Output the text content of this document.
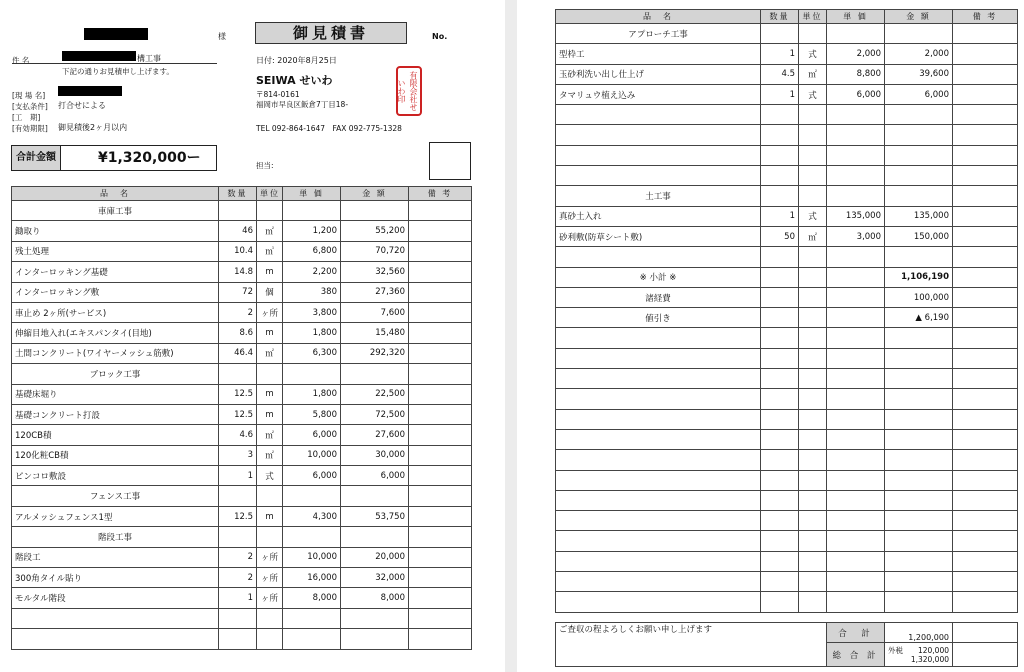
様	御見積書	No.
件 名	構工事
下記の通りお見積申し上げます。
[現 場 名]
[支払条件] 打合せによる
[工　期]
[有効期限] 御見積後2ヶ月以内
日付: 2020年8月25日
SEIWA せいわ
〒814-0161
福岡市早良区飯倉7丁目18-
TEL 092-864-1647　FAX 092-775-1328
有限会社せいわ印
合計金額	¥1,320,000ー	担当:
品　名	数量	単位	単 価	金 額	備 考
車庫工事					
鋤取り	46	㎡	1,200	55,200	
残土処理	10.4	㎥	6,800	70,720	
インターロッキング基礎	14.8	m	2,200	32,560	
インターロッキング敷	72	個	380	27,360	
車止め 2ヶ所(サービス)	2	ヶ所	3,800	7,600	
伸縮目地入れ(エキスパンタイ(目地)	8.6	m	1,800	15,480	
土間コンクリート(ワイヤーメッシュ筋敷)	46.4	㎡	6,300	292,320	
ブロック工事					
基礎床堀り	12.5	m	1,800	22,500	
基礎コンクリート打設	12.5	m	5,800	72,500	
120CB積	4.6	㎡	6,000	27,600	
120化粧CB積	3	㎡	10,000	30,000	
ピンコロ敷設	1	式	6,000	6,000	
フェンス工事					
アルメッシュフェンス1型	12.5	m	4,300	53,750	
階段工事					
階段工	2	ヶ所	10,000	20,000	
300角タイル貼り	2	ヶ所	16,000	32,000	
モルタル階段	1	ヶ所	8,000	8,000	

品　名	数量	単位	単 価	金 額	備 考
アプローチ工事					
型枠工	1	式	2,000	2,000	
玉砂利洗い出し仕上げ	4.5	㎡	8,800	39,600	
タマリュウ植え込み	1	式	6,000	6,000	

土工事					
真砂土入れ	1	式	135,000	135,000	
砂利敷(防草シート敷)	50	㎡	3,000	150,000	

※ 小計 ※				1,106,190	
諸経費				100,000	
値引き				▲ 6,190	

ご査収の程よろしくお願い申し上げます	合　計	1,200,000	
	総 合 計	外税 120,000
1,320,000	
